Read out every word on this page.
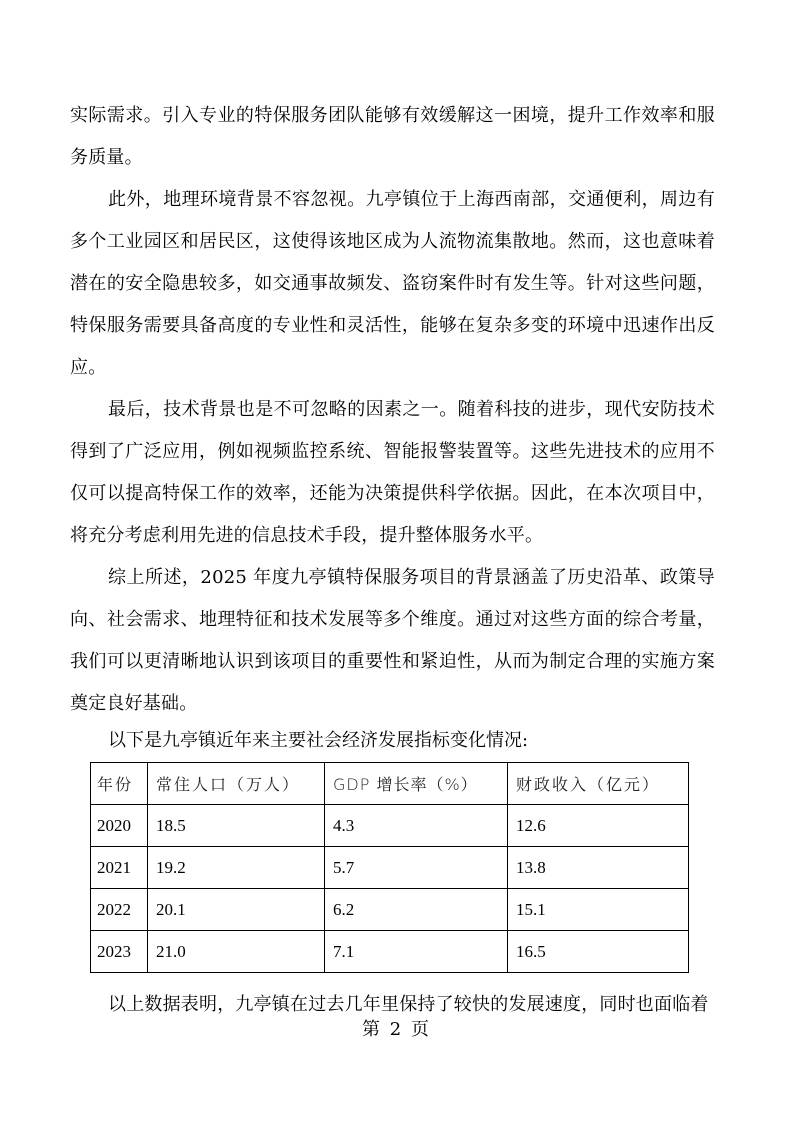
实际需求。引入专业的特保服务团队能够有效缓解这一困境，提升工作效率和服务质量。

此外，地理环境背景不容忽视。九亭镇位于上海西南部，交通便利，周边有多个工业园区和居民区，这使得该地区成为人流物流集散地。然而，这也意味着潜在的安全隐患较多，如交通事故频发、盗窃案件时有发生等。针对这些问题，特保服务需要具备高度的专业性和灵活性，能够在复杂多变的环境中迅速作出反应。

最后，技术背景也是不可忽略的因素之一。随着科技的进步，现代安防技术得到了广泛应用，例如视频监控系统、智能报警装置等。这些先进技术的应用不仅可以提高特保工作的效率，还能为决策提供科学依据。因此，在本次项目中，将充分考虑利用先进的信息技术手段，提升整体服务水平。

综上所述，2025 年度九亭镇特保服务项目的背景涵盖了历史沿革、政策导向、社会需求、地理特征和技术发展等多个维度。通过对这些方面的综合考量，我们可以更清晰地认识到该项目的重要性和紧迫性，从而为制定合理的实施方案奠定良好基础。

以下是九亭镇近年来主要社会经济发展指标变化情况:
年份	常住人口（万人）	GDP 增长率（%）	财政收入（亿元）
2020	18.5	4.3	12.6
2021	19.2	5.7	13.8
2022	20.1	6.2	15.1
2023	21.0	7.1	16.5

以上数据表明，九亭镇在过去几年里保持了较快的发展速度，同时也面临着

第 2 页
